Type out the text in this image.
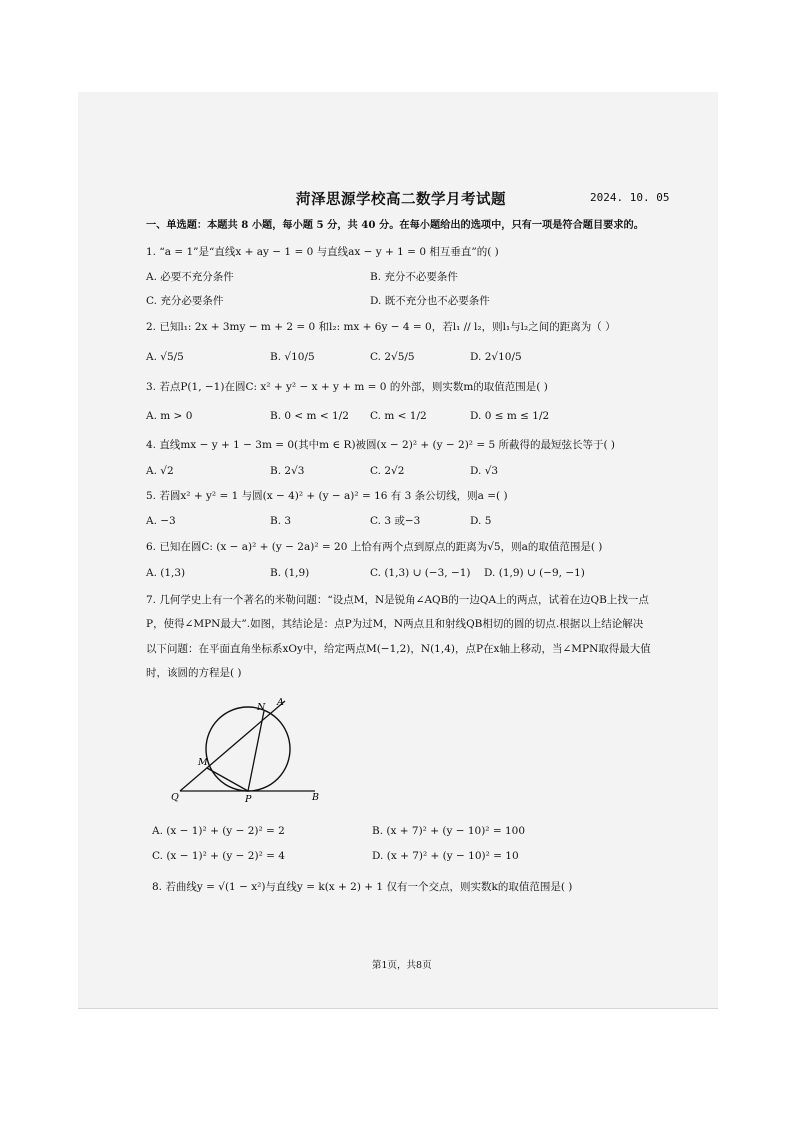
菏泽思源学校高二数学月考试题	2024. 10. 05
一、单选题：本题共 8 小题，每小题 5 分，共 40 分。在每小题给出的选项中，只有一项是符合题目要求的。
1. “a = 1”是“直线x + ay − 1 = 0 与直线ax − y + 1 = 0 相互垂直”的( )
A. 必要不充分条件	B. 充分不必要条件
C. 充分必要条件	D. 既不充分也不必要条件
2. 已知l₁: 2x + 3my − m + 2 = 0 和l₂: mx + 6y − 4 = 0，若l₁ // l₂，则l₁与l₂之间的距离为（ ）
A. √5/5	B. √10/5	C. 2√5/5	D. 2√10/5
3. 若点P(1, −1)在圆C: x² + y² − x + y + m = 0 的外部，则实数m的取值范围是( )
A. m > 0	B. 0 < m < 1/2 C. m < 1/2	D. 0 ≤ m ≤ 1/2
4. 直线mx − y + 1 − 3m = 0(其中m ∈ R)被圆(x − 2)² + (y − 2)² = 5 所截得的最短弦长等于( )
A. √2	B. 2√3	C. 2√2	D. √3
5. 若圆x² + y² = 1 与圆(x − 4)² + (y − a)² = 16 有 3 条公切线，则a =( )
A. −3	B. 3	C. 3 或−3	D. 5
6. 已知在圆C: (x − a)² + (y − 2a)² = 20 上恰有两个点到原点的距离为√5，则a的取值范围是( )
A. (1,3)	B. (1,9)	C. (1,3) ∪ (−3, −1) D. (1,9) ∪ (−9, −1)
7. 几何学史上有一个著名的米勒问题：“设点M，N是锐角∠AQB的一边QA上的两点，试着在边QB上找一点
P，使得∠MPN最大”.如图，其结论是：点P为过M，N两点且和射线QB相切的圆的切点.根据以上结论解决
以下问题：在平面直角坐标系xOy中，给定两点M(−1,2)，N(1,4)，点P在x轴上移动，当∠MPN取得最大值
时，该圆的方程是( )
N A
M
Q	P	B
A. (x − 1)² + (y − 2)² = 2	B. (x + 7)² + (y − 10)² = 100
C. (x − 1)² + (y − 2)² = 4	D. (x + 7)² + (y − 10)² = 10
8. 若曲线y = √(1 − x²)与直线y = k(x + 2) + 1 仅有一个交点，则实数k的取值范围是( )
第1页，共8页
